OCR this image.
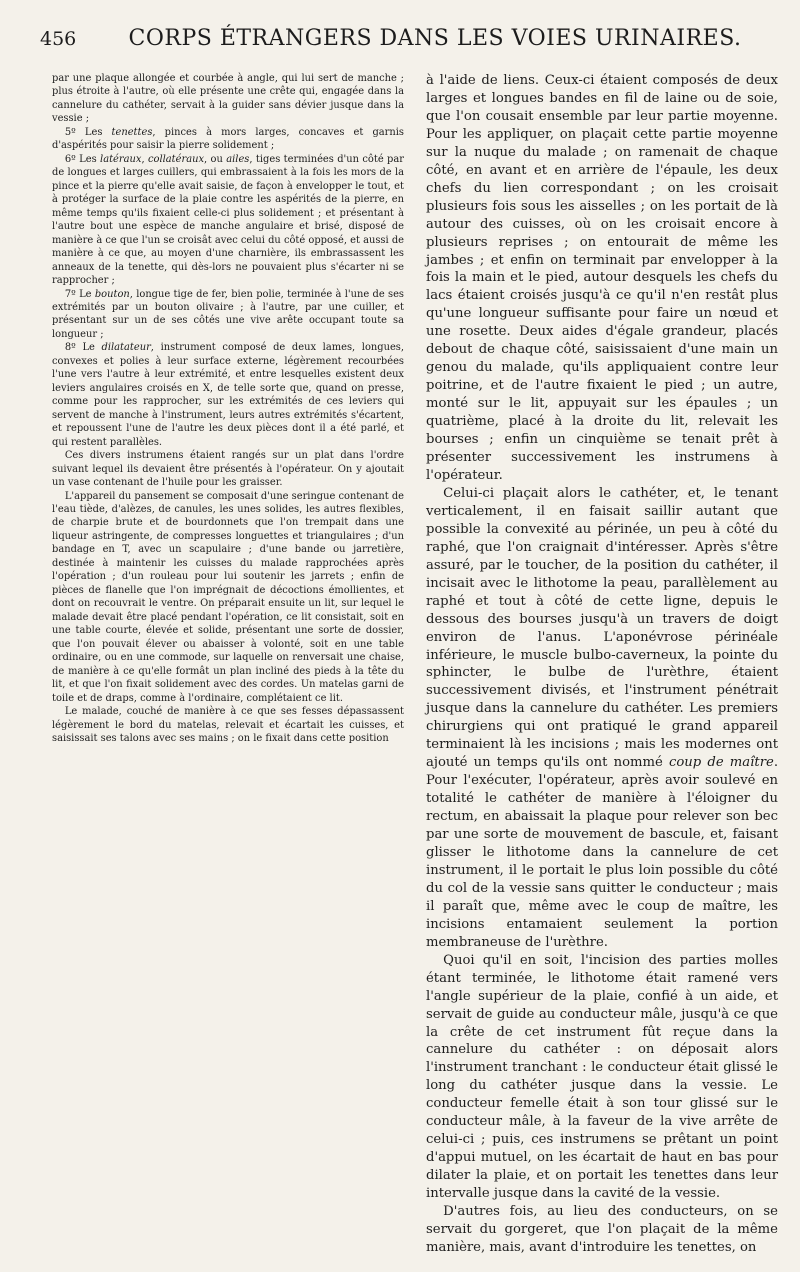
456	CORPS ÉTRANGERS DANS LES VOIES URINAIRES.

par une plaque allongée et courbée à angle, qui lui sert de manche ; plus étroite à l'autre, où elle présente une crête qui, engagée dans la cannelure du cathéter, servait à la guider sans dévier jusque dans la vessie ;

5º Les tenettes, pinces à mors larges, concaves et garnis d'aspérités pour saisir la pierre solidement ;

6º Les latéraux, collatéraux, ou ailes, tiges terminées d'un côté par de longues et larges cuillers, qui embrassaient à la fois les mors de la pince et la pierre qu'elle avait saisie, de façon à envelopper le tout, et à protéger la surface de la plaie contre les aspérités de la pierre, en même temps qu'ils fixaient celle-ci plus solidement ; et présentant à l'autre bout une espèce de manche angulaire et brisé, disposé de manière à ce que l'un se croisât avec celui du côté opposé, et aussi de manière à ce que, au moyen d'une charnière, ils embrassassent les anneaux de la tenette, qui dès-lors ne pouvaient plus s'écarter ni se rapprocher ;

7º Le bouton, longue tige de fer, bien polie, terminée à l'une de ses extrémités par un bouton olivaire ; à l'autre, par une cuiller, et présentant sur un de ses côtés une vive arête occupant toute sa longueur ;

8º Le dilatateur, instrument composé de deux lames, longues, convexes et polies à leur surface externe, légèrement recourbées l'une vers l'autre à leur extrémité, et entre lesquelles existent deux leviers angulaires croisés en X, de telle sorte que, quand on presse, comme pour les rapprocher, sur les extrémités de ces leviers qui servent de manche à l'instrument, leurs autres extrémités s'écartent, et repoussent l'une de l'autre les deux pièces dont il a été parlé, et qui restent parallèles.

Ces divers instrumens étaient rangés sur un plat dans l'ordre suivant lequel ils devaient être présentés à l'opérateur. On y ajoutait un vase contenant de l'huile pour les graisser.

L'appareil du pansement se composait d'une seringue contenant de l'eau tiède, d'alèzes, de canules, les unes solides, les autres flexibles, de charpie brute et de bourdonnets que l'on trempait dans une liqueur astringente, de compresses longuettes et triangulaires ; d'un bandage en T, avec un scapulaire ; d'une bande ou jarretière, destinée à maintenir les cuisses du malade rapprochées après l'opération ; d'un rouleau pour lui soutenir les jarrets ; enfin de pièces de flanelle que l'on imprégnait de décoctions émollientes, et dont on recouvrait le ventre. On préparait ensuite un lit, sur lequel le malade devait être placé pendant l'opération, ce lit consistait, soit en une table courte, élevée et solide, présentant une sorte de dossier, que l'on pouvait élever ou abaisser à volonté, soit en une table ordinaire, ou en une commode, sur laquelle on renversait une chaise, de manière à ce qu'elle formât un plan incliné des pieds à la tête du lit, et que l'on fixait solidement avec des cordes. Un matelas garni de toile et de draps, comme à l'ordinaire, complétaient ce lit.

Le malade, couché de manière à ce que ses fesses dépassassent légèrement le bord du matelas, relevait et écartait les cuisses, et saisissait ses talons avec ses mains ; on le fixait dans cette position

à l'aide de liens. Ceux-ci étaient composés de deux larges et longues bandes en fil de laine ou de soie, que l'on cousait ensemble par leur partie moyenne. Pour les appliquer, on plaçait cette partie moyenne sur la nuque du malade ; on ramenait de chaque côté, en avant et en arrière de l'épaule, les deux chefs du lien correspondant ; on les croisait plusieurs fois sous les aisselles ; on les portait de là autour des cuisses, où on les croisait encore à plusieurs reprises ; on entourait de même les jambes ; et enfin on terminait par envelopper à la fois la main et le pied, autour desquels les chefs du lacs étaient croisés jusqu'à ce qu'il n'en restât plus qu'une longueur suffisante pour faire un nœud et une rosette. Deux aides d'égale grandeur, placés debout de chaque côté, saisissaient d'une main un genou du malade, qu'ils appliquaient contre leur poitrine, et de l'autre fixaient le pied ; un autre, monté sur le lit, appuyait sur les épaules ; un quatrième, placé à la droite du lit, relevait les bourses ; enfin un cinquième se tenait prêt à présenter successivement les instrumens à l'opérateur.

Celui-ci plaçait alors le cathéter, et, le tenant verticalement, il en faisait saillir autant que possible la convexité au périnée, un peu à côté du raphé, que l'on craignait d'intéresser. Après s'être assuré, par le toucher, de la position du cathéter, il incisait avec le lithotome la peau, parallèlement au raphé et tout à côté de cette ligne, depuis le dessous des bourses jusqu'à un travers de doigt environ de l'anus. L'aponévrose périnéale inférieure, le muscle bulbo-caverneux, la pointe du sphincter, le bulbe de l'urèthre, étaient successivement divisés, et l'instrument pénétrait jusque dans la cannelure du cathéter. Les premiers chirurgiens qui ont pratiqué le grand appareil terminaient là les incisions ; mais les modernes ont ajouté un temps qu'ils ont nommé coup de maître. Pour l'exécuter, l'opérateur, après avoir soulevé en totalité le cathéter de manière à l'éloigner du rectum, en abaissait la plaque pour relever son bec par une sorte de mouvement de bascule, et, faisant glisser le lithotome dans la cannelure de cet instrument, il le portait le plus loin possible du côté du col de la vessie sans quitter le conducteur ; mais il paraît que, même avec le coup de maître, les incisions entamaient seulement la portion membraneuse de l'urèthre.

Quoi qu'il en soit, l'incision des parties molles étant terminée, le lithotome était ramené vers l'angle supérieur de la plaie, confié à un aide, et servait de guide au conducteur mâle, jusqu'à ce que la crête de cet instrument fût reçue dans la cannelure du cathéter : on déposait alors l'instrument tranchant : le conducteur était glissé le long du cathéter jusque dans la vessie. Le conducteur femelle était à son tour glissé sur le conducteur mâle, à la faveur de la vive arrête de celui-ci ; puis, ces instrumens se prêtant un point d'appui mutuel, on les écartait de haut en bas pour dilater la plaie, et on portait les tenettes dans leur intervalle jusque dans la cavité de la vessie.

D'autres fois, au lieu des conducteurs, on se servait du gorgeret, que l'on plaçait de la même manière, mais, avant d'introduire les tenettes, on
